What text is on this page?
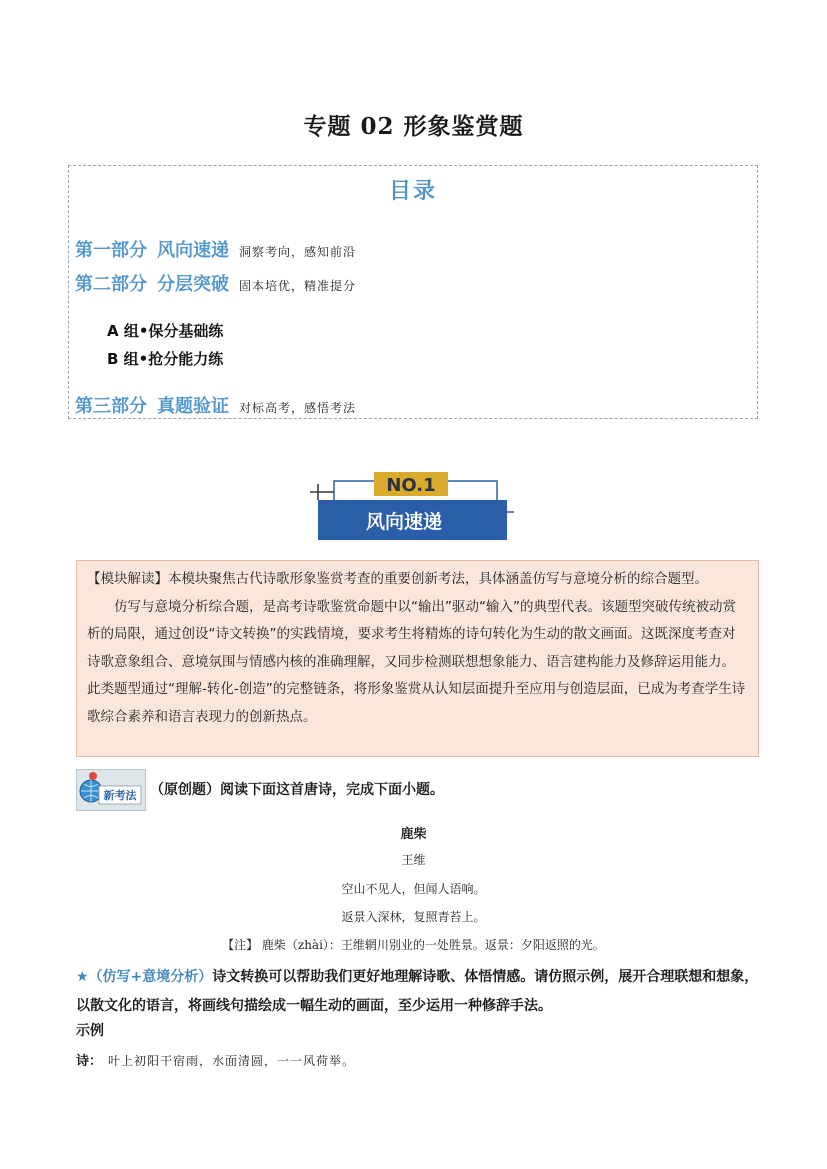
专题 02 形象鉴赏题
目录
第一部分 风向速递 洞察考向，感知前沿
第二部分 分层突破 固本培优，精准提分
A 组•保分基础练
B 组•抢分能力练
第三部分 真题验证 对标高考，感悟考法
NO.1
风向速递

【模块解读】本模块聚焦古代诗歌形象鉴赏考查的重要创新考法，具体涵盖仿写与意境分析的综合题型。

仿写与意境分析综合题，是高考诗歌鉴赏命题中以“输出”驱动“输入”的典型代表。该题型突破传统被动赏析的局限，通过创设“诗文转换”的实践情境，要求考生将精炼的诗句转化为生动的散文画面。这既深度考查对诗歌意象组合、意境氛围与情感内核的准确理解，又同步检测联想想象能力、语言建构能力及修辞运用能力。此类题型通过“理解-转化-创造”的完整链条，将形象鉴赏从认知层面提升至应用与创造层面，已成为考查学生诗歌综合素养和语言表现力的创新热点。

新考法 （原创题）阅读下面这首唐诗，完成下面小题。
鹿柴
王维
空山不见人，但闻人语响。
返景入深林，复照青苔上。
【注】 鹿柴（zhài）：王维辋川别业的一处胜景。返景：夕阳返照的光。
★（仿写+意境分析）诗文转换可以帮助我们更好地理解诗歌、体悟情感。请仿照示例，展开合理联想和想象，以散文化的语言，将画线句描绘成一幅生动的画面，至少运用一种修辞手法。
示例
诗： 叶上初阳干宿雨，水面清圆，一一风荷举。
